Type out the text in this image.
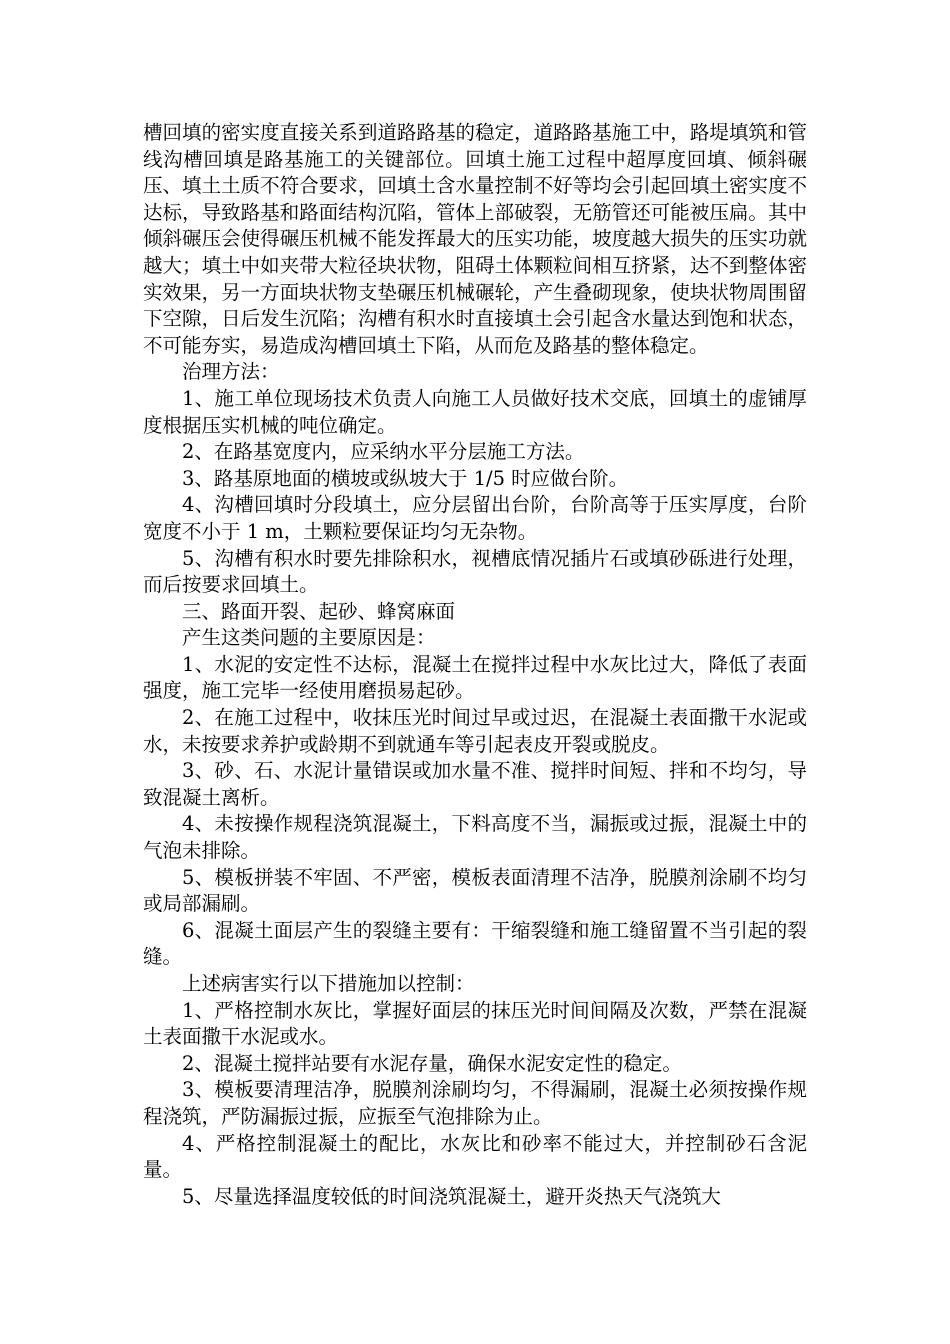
槽回填的密实度直接关系到道路路基的稳定，道路路基施工中，路堤填筑和管线沟槽回填是路基施工的关键部位。回填土施工过程中超厚度回填、倾斜碾压、填土土质不符合要求，回填土含水量控制不好等均会引起回填土密实度不达标，导致路基和路面结构沉陷，管体上部破裂，无筋管还可能被压扁。其中倾斜碾压会使得碾压机械不能发挥最大的压实功能，坡度越大损失的压实功就越大；填土中如夹带大粒径块状物，阻碍土体颗粒间相互挤紧，达不到整体密实效果，另一方面块状物支垫碾压机械碾轮，产生叠砌现象，使块状物周围留下空隙，日后发生沉陷；沟槽有积水时直接填土会引起含水量达到饱和状态，不可能夯实，易造成沟槽回填土下陷，从而危及路基的整体稳定。

治理方法：

1、施工单位现场技术负责人向施工人员做好技术交底，回填土的虚铺厚度根据压实机械的吨位确定。

2、在路基宽度内，应采纳水平分层施工方法。

3、路基原地面的横坡或纵坡大于 1/5 时应做台阶。

4、沟槽回填时分段填土，应分层留出台阶，台阶高等于压实厚度，台阶宽度不小于 1 m，土颗粒要保证均匀无杂物。

5、沟槽有积水时要先排除积水，视槽底情况插片石或填砂砾进行处理，而后按要求回填土。

三、路面开裂、起砂、蜂窝麻面

产生这类问题的主要原因是：

1、水泥的安定性不达标，混凝土在搅拌过程中水灰比过大，降低了表面强度，施工完毕一经使用磨损易起砂。

2、在施工过程中，收抹压光时间过早或过迟，在混凝土表面撒干水泥或水，未按要求养护或龄期不到就通车等引起表皮开裂或脱皮。

3、砂、石、水泥计量错误或加水量不准、搅拌时间短、拌和不均匀，导致混凝土离析。

4、未按操作规程浇筑混凝土，下料高度不当，漏振或过振，混凝土中的气泡未排除。

5、模板拼装不牢固、不严密，模板表面清理不洁净，脱膜剂涂刷不均匀或局部漏刷。

6、混凝土面层产生的裂缝主要有：干缩裂缝和施工缝留置不当引起的裂缝。

上述病害实行以下措施加以控制：

1、严格控制水灰比，掌握好面层的抹压光时间间隔及次数，严禁在混凝土表面撒干水泥或水。

2、混凝土搅拌站要有水泥存量，确保水泥安定性的稳定。

3、模板要清理洁净，脱膜剂涂刷均匀，不得漏刷，混凝土必须按操作规程浇筑，严防漏振过振，应振至气泡排除为止。

4、严格控制混凝土的配比，水灰比和砂率不能过大，并控制砂石含泥量。

5、尽量选择温度较低的时间浇筑混凝土，避开炎热天气浇筑大
